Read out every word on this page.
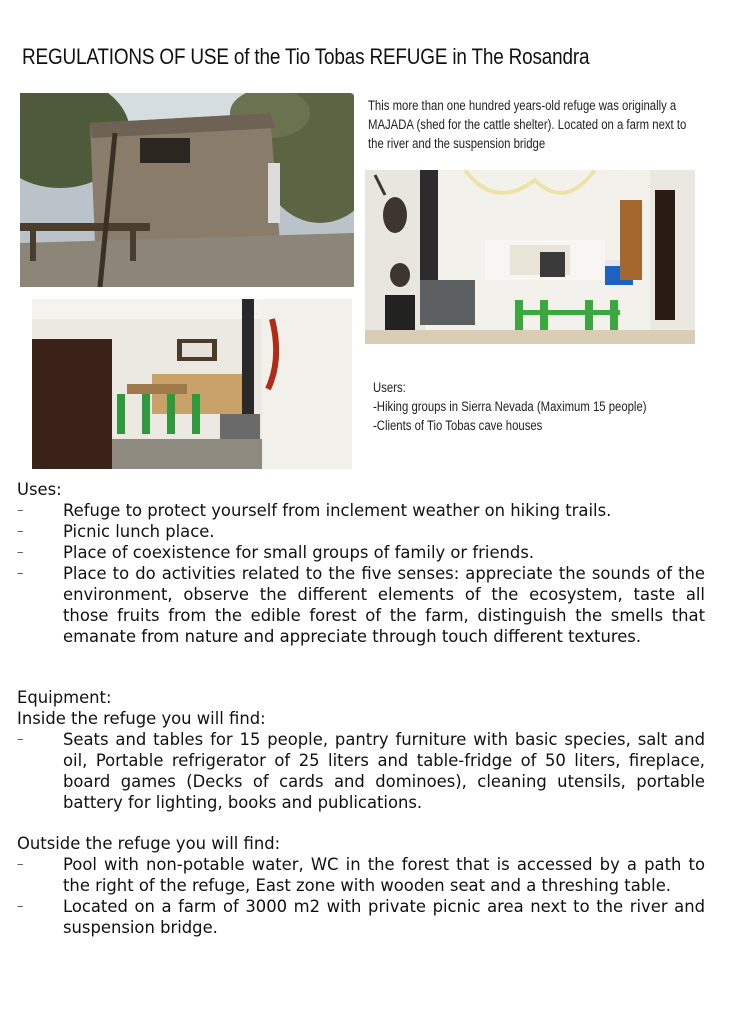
REGULATIONS OF USE of the Tio Tobas REFUGE in The Rosandra
This more than one hundred years-old refuge was originally a MAJADA (shed for the cattle shelter). Located on a farm next to the river and the suspension bridge
Users:
-Hiking groups in Sierra Nevada (Maximum 15 people)
-Clients of Tio Tobas cave houses
Uses:
– Refuge to protect yourself from inclement weather on hiking trails.
– Picnic lunch place.
– Place of coexistence for small groups of family or friends.
– Place to do activities related to the five senses: appreciate the sounds of the environment, observe the different elements of the ecosystem, taste all those fruits from the edible forest of the farm, distinguish the smells that emanate from nature and appreciate through touch different textures.
Equipment:
Inside the refuge you will find:
– Seats and tables for 15 people, pantry furniture with basic species, salt and oil, Portable refrigerator of 25 liters and table-fridge of 50 liters, fireplace, board games (Decks of cards and dominoes), cleaning utensils, portable battery for lighting, books and publications.
Outside the refuge you will find:
– Pool with non-potable water, WC in the forest that is accessed by a path to the right of the refuge, East zone with wooden seat and a threshing table.
– Located on a farm of 3000 m2 with private picnic area next to the river and suspension bridge.
